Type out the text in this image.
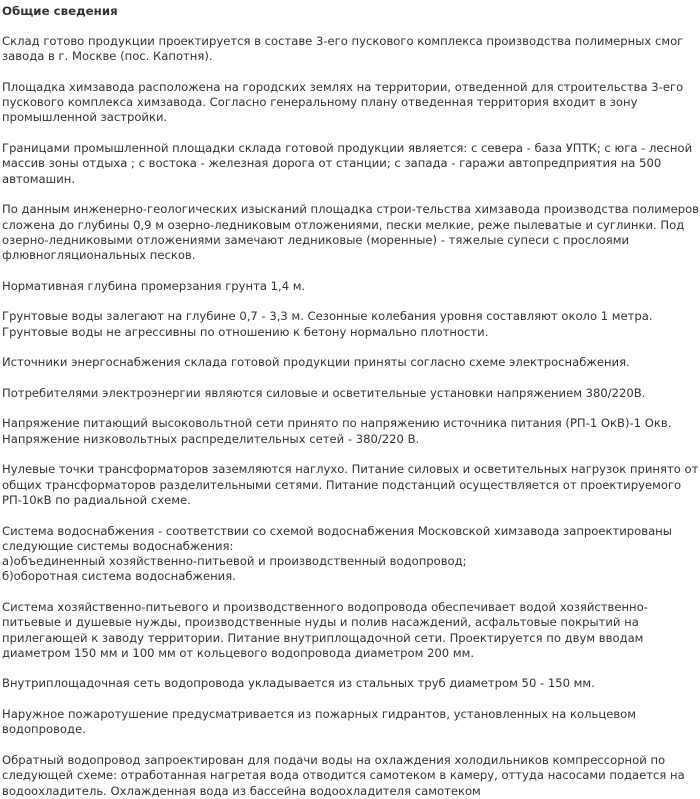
Общие сведения

Склад готово продукции проектируется в составе 3-его пускового комплекса производства полимерных смог завода в г. Москве (пос. Капотня).

Площадка химзавода расположена на городских землях на территории, отведенной для строительства 3-его пускового комплекса химзавода. Согласно генеральному плану отведенная территория входит в зону промышленной застройки.

Границами промышленной площадки склада готовой продукции является: с севера - база УПТК; с юга - лесной массив зоны отдыха ; с востока - железная дорога от станции; с запада - гаражи автопредприятия на 500 автомашин.

По данным инженерно-геологических изысканий площадка строи-тельства химзавода производства полимеров сложена до глубины 0,9 м озерно-ледниковым отложениями, пески мелкие, реже пылеватые и суглинки. Под озерно-ледниковыми отложениями замечают ледниковые (моренные) - тяжелые супеси с прослоями флювногляциональных песков.

Нормативная глубина промерзания грунта 1,4 м.

Грунтовые воды залегают на глубине 0,7 - 3,3 м. Сезонные колебания уровня составляют около 1 метра. Грунтовые воды не агрессивны по отношению к бетону нормально плотности.

Источники энергоснабжения склада готовой продукции приняты согласно схеме электроснабжения.

Потребителями электроэнергии являются силовые и осветительные установки напряжением 380/220В.

Напряжение питающий высоковольтной сети принято по напряжению источника питания (РП-1 ОкВ)-1 Окв.
Напряжение низковольтных распределительных сетей - 380/220 В.

Нулевые точки трансформаторов заземляются наглухо. Питание силовых и осветительных нагрузок принято от общих трансформаторов разделительными сетями. Питание подстанций осуществляется от проектируемого РП-10кВ по радиальной схеме.

Система водоснабжения - соответствии со схемой водоснабжения Московской химзавода запроектированы следующие системы водоснабжения:
а)объединенный хозяйственно-питьевой и производственный водопровод;
б)оборотная система водоснабжения.

Система хозяйственно-питьевого и производственного водопровода обеспечивает водой хозяйственно-питьевые и душевые нужды, производственные нуды и полив насаждений, асфальтовые покрытий на прилегающей к заводу территории. Питание внутриплощадочной сети. Проектируется по двум вводам диаметром 150 мм и 100 мм от кольцевого водопровода диаметром 200 мм.

Внутриплощадочная сеть водопровода укладывается из стальных труб диаметром 50 - 150 мм.

Наружное пожаротушение предусматривается из пожарных гидрантов, установленных на кольцевом водопроводе.

Обратный водопровод запроектирован для подачи воды на охлаждения холодильников компрессорной по следующей схеме: отработанная нагретая вода отводится самотеком в камеру, оттуда насосами подается на водоохладитель. Охлажденная вода из бассейна водоохладителя самотеком
